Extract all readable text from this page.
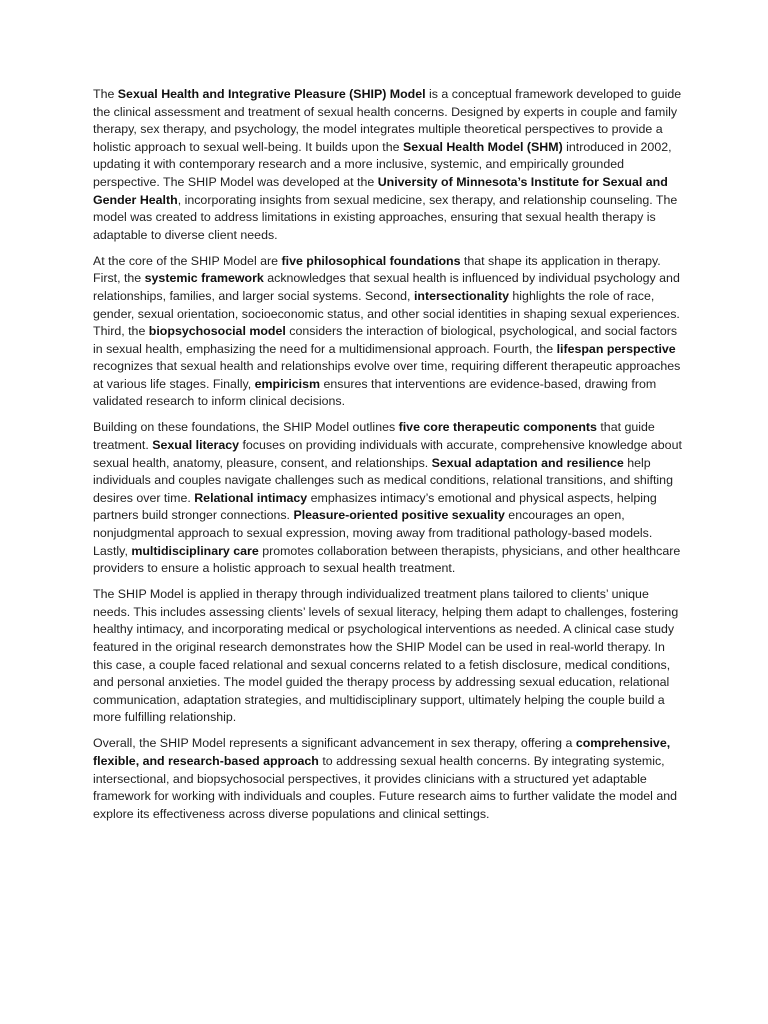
The Sexual Health and Integrative Pleasure (SHIP) Model is a conceptual framework developed to guide the clinical assessment and treatment of sexual health concerns. Designed by experts in couple and family therapy, sex therapy, and psychology, the model integrates multiple theoretical perspectives to provide a holistic approach to sexual well-being. It builds upon the Sexual Health Model (SHM) introduced in 2002, updating it with contemporary research and a more inclusive, systemic, and empirically grounded perspective. The SHIP Model was developed at the University of Minnesota’s Institute for Sexual and Gender Health, incorporating insights from sexual medicine, sex therapy, and relationship counseling. The model was created to address limitations in existing approaches, ensuring that sexual health therapy is adaptable to diverse client needs.

At the core of the SHIP Model are five philosophical foundations that shape its application in therapy. First, the systemic framework acknowledges that sexual health is influenced by individual psychology and relationships, families, and larger social systems. Second, intersectionality highlights the role of race, gender, sexual orientation, socioeconomic status, and other social identities in shaping sexual experiences. Third, the biopsychosocial model considers the interaction of biological, psychological, and social factors in sexual health, emphasizing the need for a multidimensional approach. Fourth, the lifespan perspective recognizes that sexual health and relationships evolve over time, requiring different therapeutic approaches at various life stages. Finally, empiricism ensures that interventions are evidence-based, drawing from validated research to inform clinical decisions.

Building on these foundations, the SHIP Model outlines five core therapeutic components that guide treatment. Sexual literacy focuses on providing individuals with accurate, comprehensive knowledge about sexual health, anatomy, pleasure, consent, and relationships. Sexual adaptation and resilience help individuals and couples navigate challenges such as medical conditions, relational transitions, and shifting desires over time. Relational intimacy emphasizes intimacy’s emotional and physical aspects, helping partners build stronger connections. Pleasure-oriented positive sexuality encourages an open, nonjudgmental approach to sexual expression, moving away from traditional pathology-based models. Lastly, multidisciplinary care promotes collaboration between therapists, physicians, and other healthcare providers to ensure a holistic approach to sexual health treatment.

The SHIP Model is applied in therapy through individualized treatment plans tailored to clients’ unique needs. This includes assessing clients’ levels of sexual literacy, helping them adapt to challenges, fostering healthy intimacy, and incorporating medical or psychological interventions as needed. A clinical case study featured in the original research demonstrates how the SHIP Model can be used in real-world therapy. In this case, a couple faced relational and sexual concerns related to a fetish disclosure, medical conditions, and personal anxieties. The model guided the therapy process by addressing sexual education, relational communication, adaptation strategies, and multidisciplinary support, ultimately helping the couple build a more fulfilling relationship.

Overall, the SHIP Model represents a significant advancement in sex therapy, offering a comprehensive, flexible, and research-based approach to addressing sexual health concerns. By integrating systemic, intersectional, and biopsychosocial perspectives, it provides clinicians with a structured yet adaptable framework for working with individuals and couples. Future research aims to further validate the model and explore its effectiveness across diverse populations and clinical settings.
